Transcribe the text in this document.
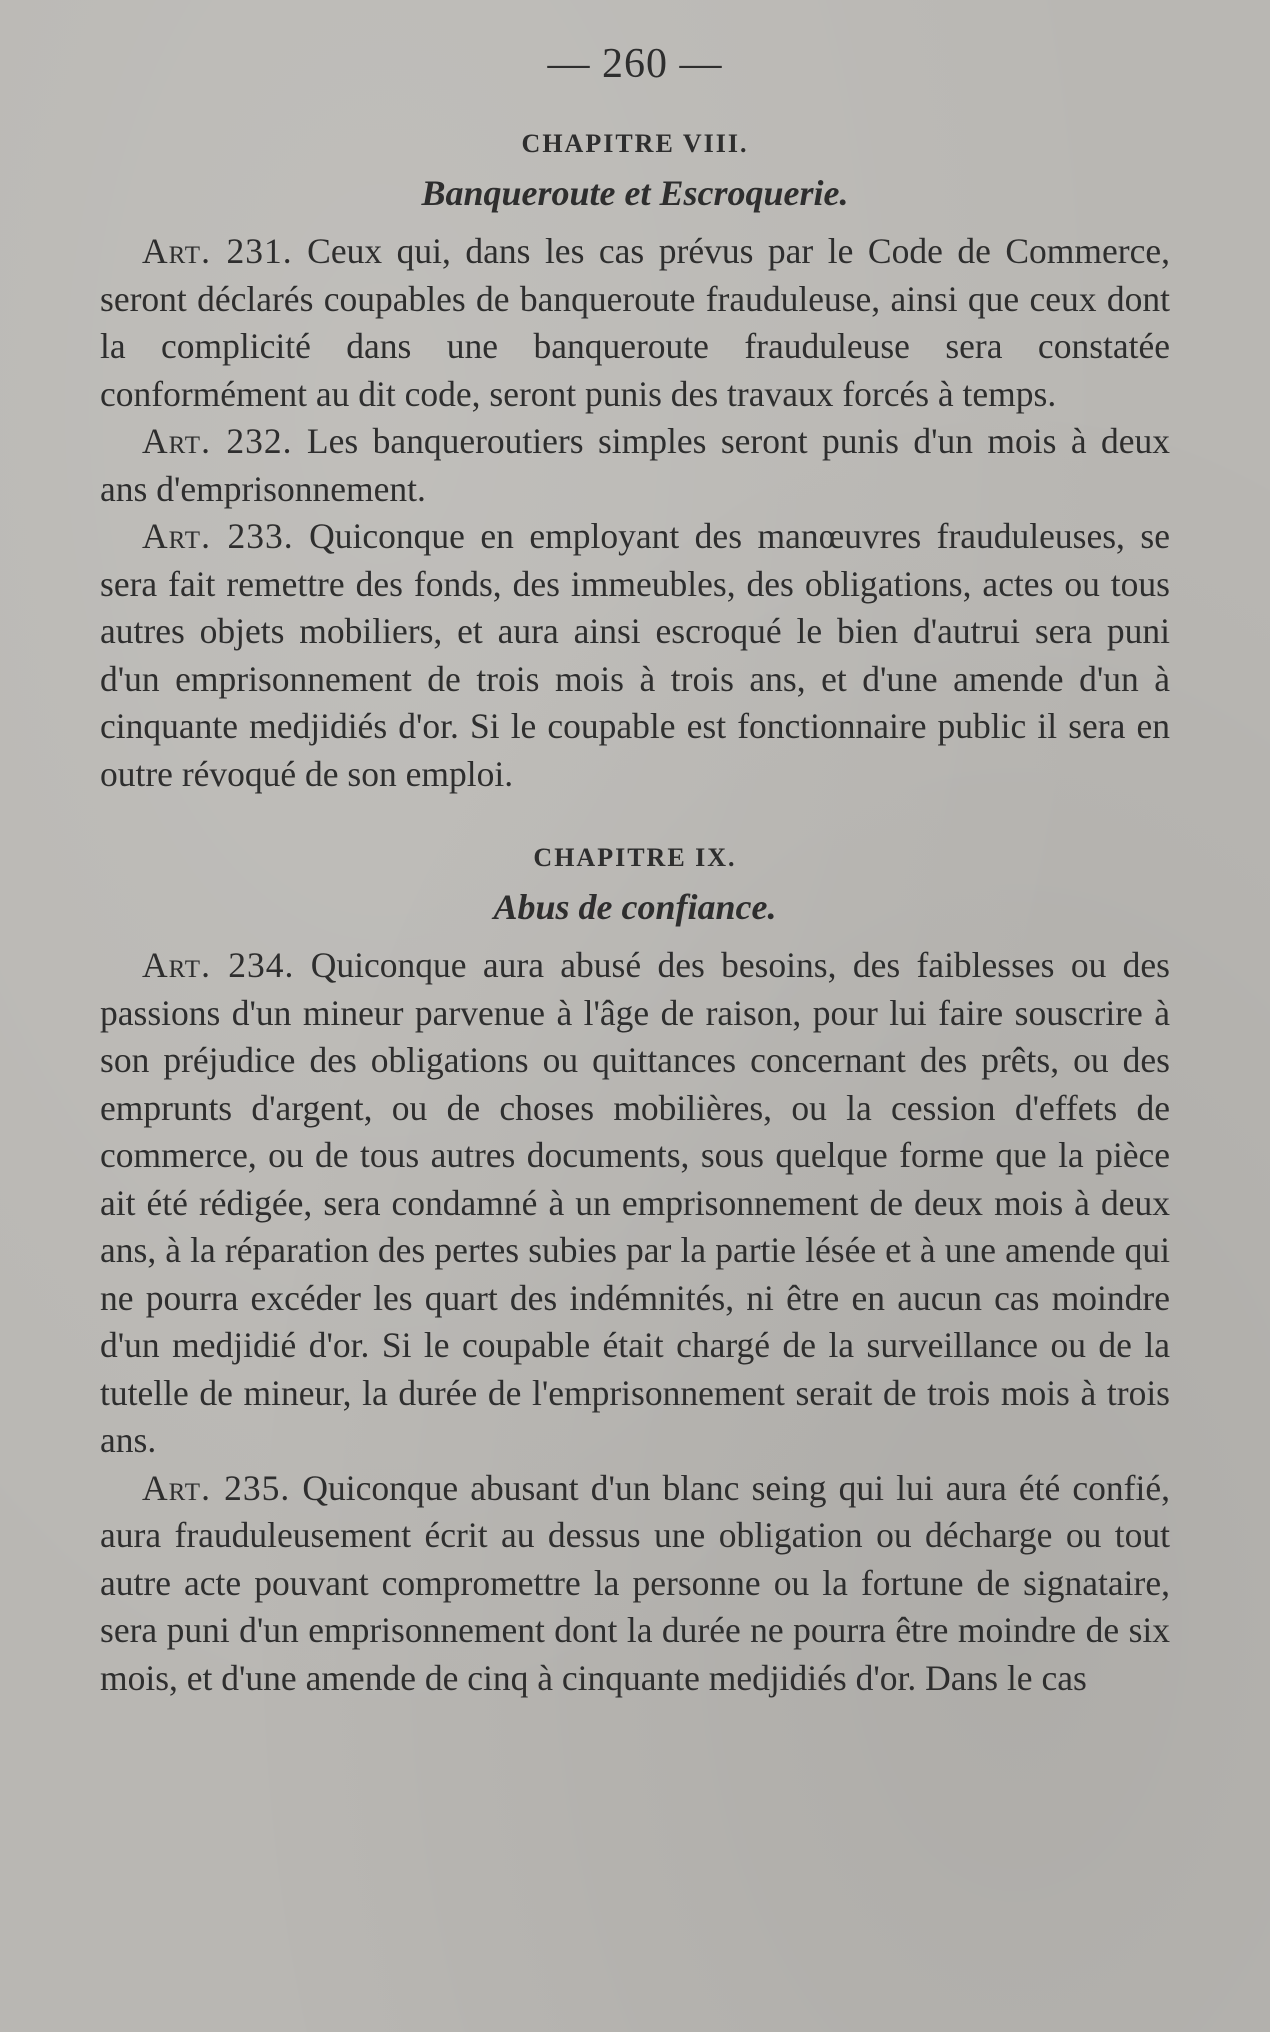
— 260 —
CHAPITRE VIII.
Banqueroute et Escroquerie.

Art. 231. Ceux qui, dans les cas prévus par le Code de Commerce, seront déclarés coupables de banqueroute frauduleuse, ainsi que ceux dont la complicité dans une banqueroute frauduleuse sera constatée conformément au dit code, seront punis des travaux forcés à temps.

Art. 232. Les banqueroutiers simples seront punis d'un mois à deux ans d'emprisonnement.

Art. 233. Quiconque en employant des manœuvres frauduleuses, se sera fait remettre des fonds, des immeubles, des obligations, actes ou tous autres objets mobiliers, et aura ainsi escroqué le bien d'autrui sera puni d'un emprisonnement de trois mois à trois ans, et d'une amende d'un à cinquante medjidiés d'or. Si le coupable est fonctionnaire public il sera en outre révoqué de son emploi.

CHAPITRE IX.
Abus de confiance.

Art. 234. Quiconque aura abusé des besoins, des faiblesses ou des passions d'un mineur parvenue à l'âge de raison, pour lui faire souscrire à son préjudice des obligations ou quittances concernant des prêts, ou des emprunts d'argent, ou de choses mobilières, ou la cession d'effets de commerce, ou de tous autres documents, sous quelque forme que la pièce ait été rédigée, sera condamné à un emprisonnement de deux mois à deux ans, à la réparation des pertes subies par la partie lésée et à une amende qui ne pourra excéder les quart des indémnités, ni être en aucun cas moindre d'un medjidié d'or. Si le coupable était chargé de la surveillance ou de la tutelle de mineur, la durée de l'emprisonnement serait de trois mois à trois ans.

Art. 235. Quiconque abusant d'un blanc seing qui lui aura été confié, aura frauduleusement écrit au dessus une obligation ou décharge ou tout autre acte pouvant compromettre la personne ou la fortune de signataire, sera puni d'un emprisonnement dont la durée ne pourra être moindre de six mois, et d'une amende de cinq à cinquante medjidiés d'or. Dans le cas
